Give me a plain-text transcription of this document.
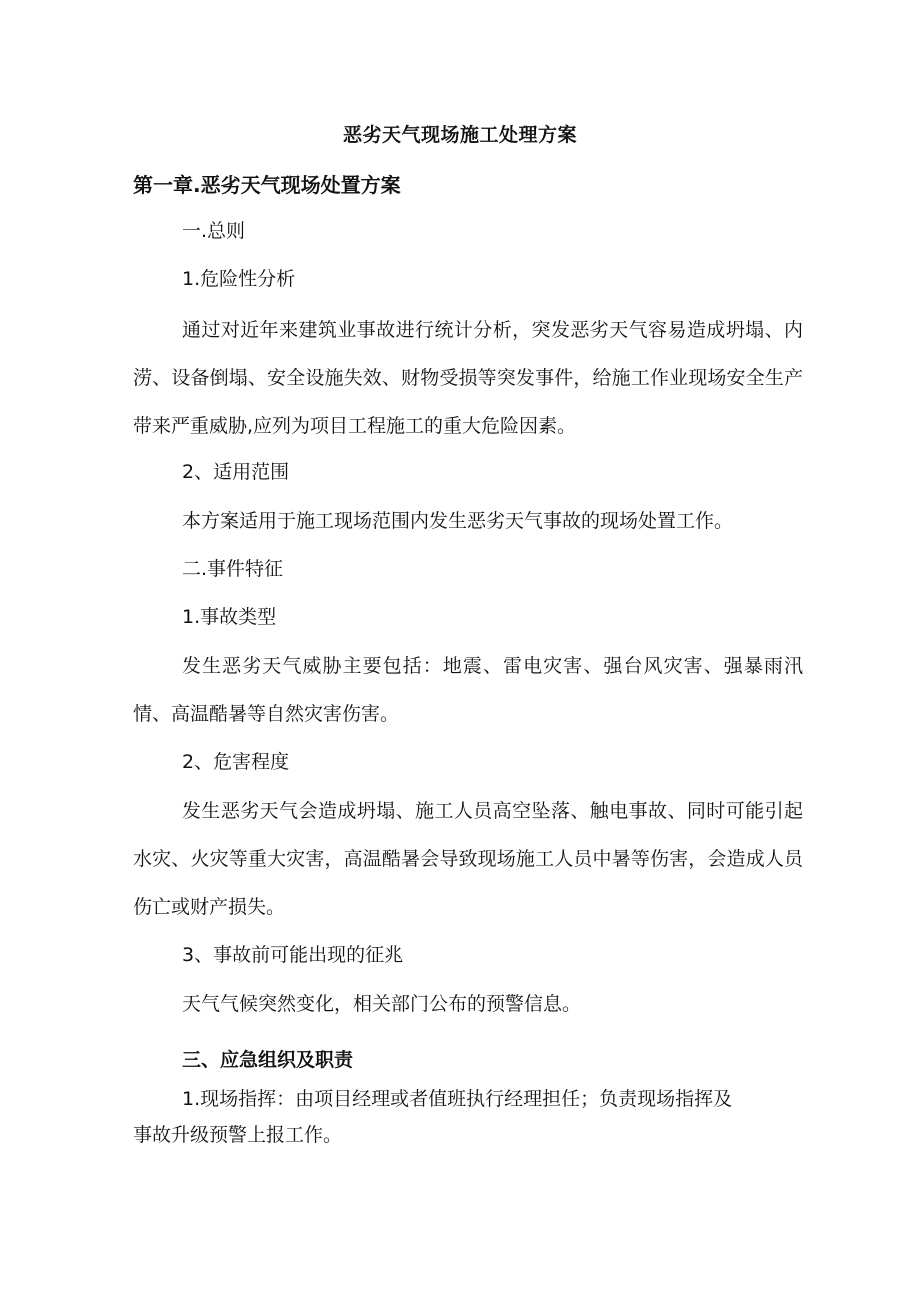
恶劣天气现场施工处理方案
第一章.恶劣天气现场处置方案
一.总则
1.危险性分析

通过对近年来建筑业事故进行统计分析，突发恶劣天气容易造成坍塌、内涝、设备倒塌、安全设施失效、财物受损等突发事件，给施工作业现场安全生产带来严重威胁,应列为项目工程施工的重大危险因素。

2、适用范围

本方案适用于施工现场范围内发生恶劣天气事故的现场处置工作。

二.事件特征
1.事故类型

发生恶劣天气威胁主要包括：地震、雷电灾害、强台风灾害、强暴雨汛情、高温酷暑等自然灾害伤害。

2、危害程度

发生恶劣天气会造成坍塌、施工人员高空坠落、触电事故、同时可能引起水灾、火灾等重大灾害，高温酷暑会导致现场施工人员中暑等伤害，会造成人员伤亡或财产损失。

3、事故前可能出现的征兆

天气气候突然变化，相关部门公布的预警信息。

三、应急组织及职责

1.现场指挥：由项目经理或者值班执行经理担任；负责现场指挥及事故升级预警上报工作。
